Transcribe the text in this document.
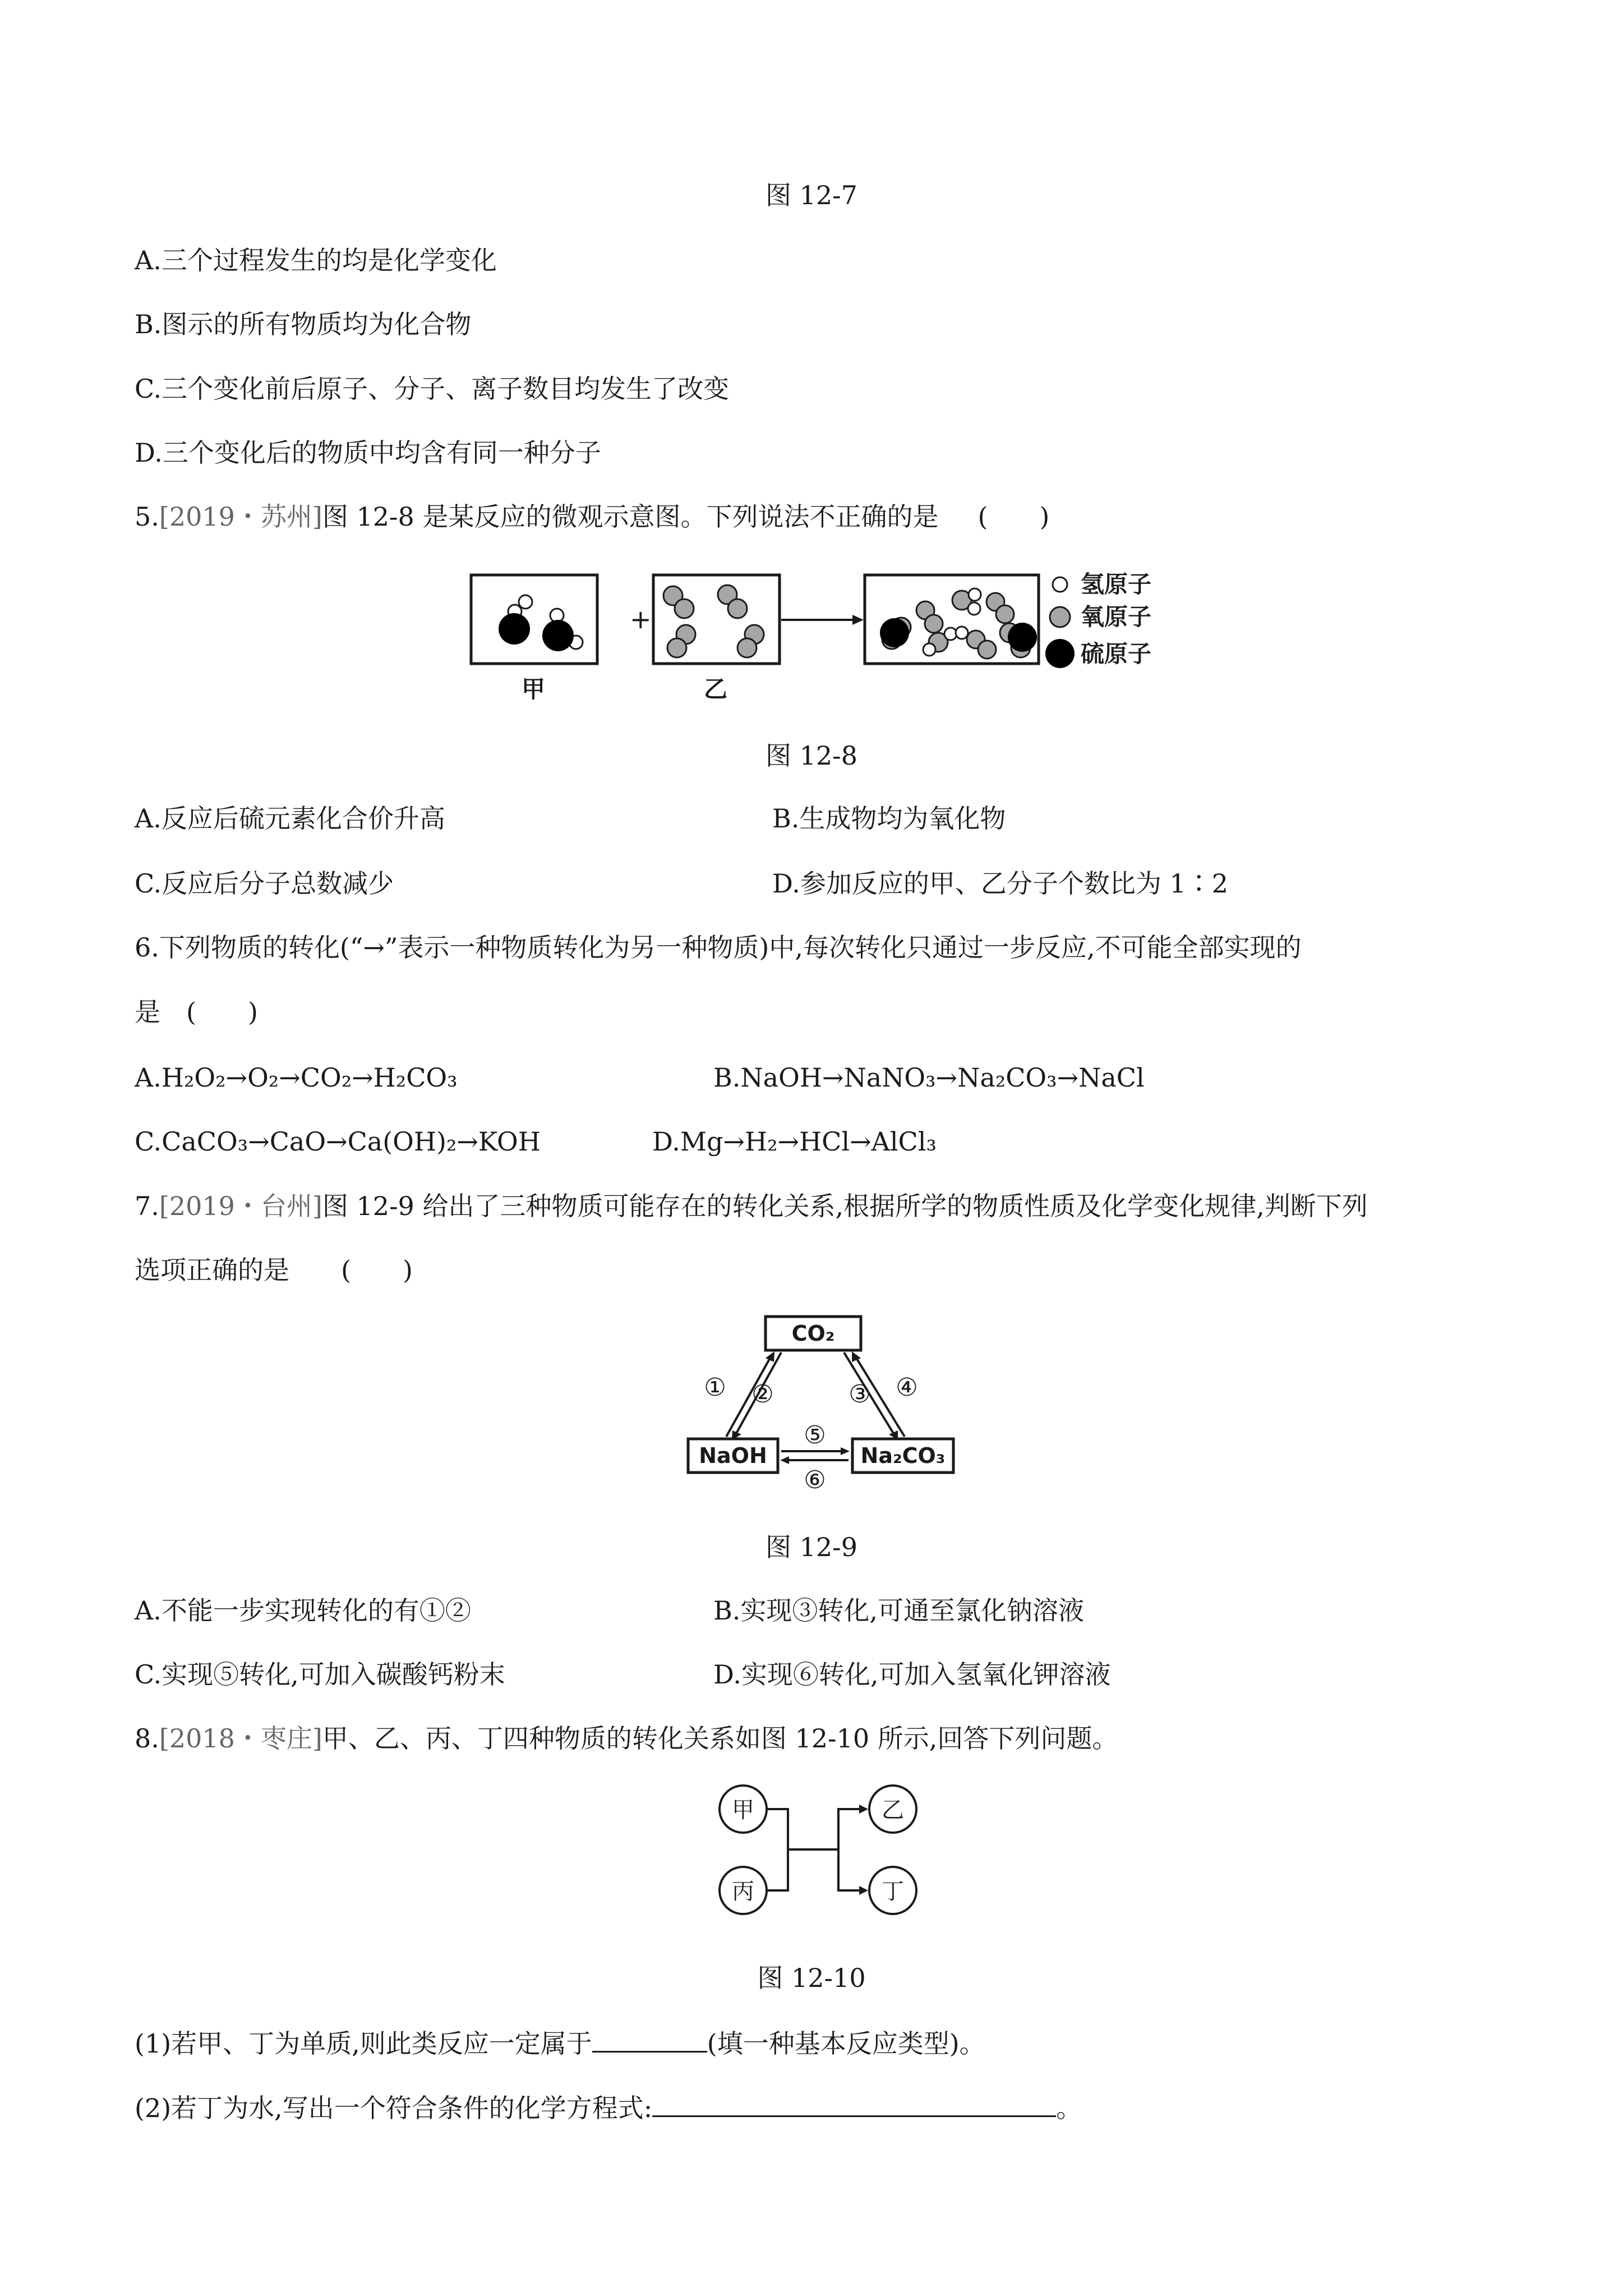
图 12-7
A.三个过程发生的均是化学变化
B.图示的所有物质均为化合物
C.三个变化前后原子、分子、离子数目均发生了改变
D.三个变化后的物质中均含有同一种分子
5.[2019・苏州]图 12-8 是某反应的微观示意图。下列说法不正确的是 (　　)
+
氢原子
氧原子
硫原子
甲	乙
图 12-8
A.反应后硫元素化合价升高	B.生成物均为氧化物
C.反应后分子总数减少	D.参加反应的甲、乙分子个数比为 1∶2
6.下列物质的转化(“→”表示一种物质转化为另一种物质)中,每次转化只通过一步反应,不可能全部实现的
是　(　　)
A.H₂O₂→O₂→CO₂→H₂CO₃	B.NaOH→NaNO₃→Na₂CO₃→NaCl
C.CaCO₃→CaO→Ca(OH)₂→KOH	D.Mg→H₂→HCl→AlCl₃
7.[2019・台州]图 12-9 给出了三种物质可能存在的转化关系,根据所学的物质性质及化学变化规律,判断下列
选项正确的是　　(　　)
CO₂
NaOH	Na₂CO₃
① ②	③ ④
⑤
⑥
图 12-9
A.不能一步实现转化的有①②	B.实现③转化,可通至氯化钠溶液
C.实现⑤转化,可加入碳酸钙粉末	D.实现⑥转化,可加入氢氧化钾溶液
8.[2018・枣庄]甲、乙、丙、丁四种物质的转化关系如图 12-10 所示,回答下列问题。
甲
丙
乙
丁
图 12-10
(1)若甲、丁为单质,则此类反应一定属于	(填一种基本反应类型)。
(2)若丁为水,写出一个符合条件的化学方程式:	。
